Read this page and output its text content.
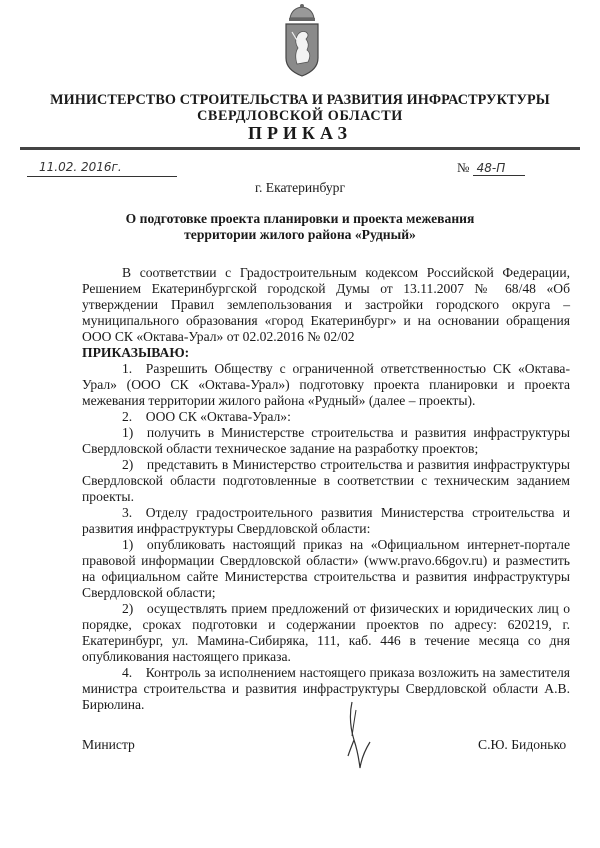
МИНИСТЕРСТВО СТРОИТЕЛЬСТВА И РАЗВИТИЯ ИНФРАСТРУКТУРЫ
СВЕРДЛОВСКОЙ ОБЛАСТИ
ПРИКАЗ
11.02. 2016г.	№ 48-П
г. Екатеринбург
О подготовке проекта планировки и проекта межевания
территории жилого района «Рудный»

В соответствии с Градостроительным кодексом Российской Федерации, Решением Екатеринбургской городской Думы от 13.11.2007 № 68/48 «Об утверждении Правил землепользования и застройки городского округа – муниципального образования «город Екатеринбург» и на основании обращения ООО СК «Октава-Урал» от 02.02.2016 № 02/02

ПРИКАЗЫВАЮ:

1. Разрешить Обществу с ограниченной ответственностью СК «Октава-Урал» (ООО СК «Октава-Урал») подготовку проекта планировки и проекта межевания территории жилого района «Рудный» (далее – проекты).

2. ООО СК «Октава-Урал»:

1) получить в Министерстве строительства и развития инфраструктуры Свердловской области техническое задание на разработку проектов;

2) представить в Министерство строительства и развития инфраструктуры Свердловской области подготовленные в соответствии с техническим заданием проекты.

3. Отделу градостроительного развития Министерства строительства и развития инфраструктуры Свердловской области:

1) опубликовать настоящий приказ на «Официальном интернет-портале правовой информации Свердловской области» (www.pravo.66gov.ru) и разместить на официальном сайте Министерства строительства и развития инфраструктуры Свердловской области;

2) осуществлять прием предложений от физических и юридических лиц о порядке, сроках подготовки и содержании проектов по адресу: 620219, г. Екатеринбург, ул. Мамина-Сибиряка, 111, каб. 446 в течение месяца со дня опубликования настоящего приказа.

4. Контроль за исполнением настоящего приказа возложить на заместителя министра строительства и развития инфраструктуры Свердловской области А.В. Бирюлина.

Министр	С.Ю. Бидонько
